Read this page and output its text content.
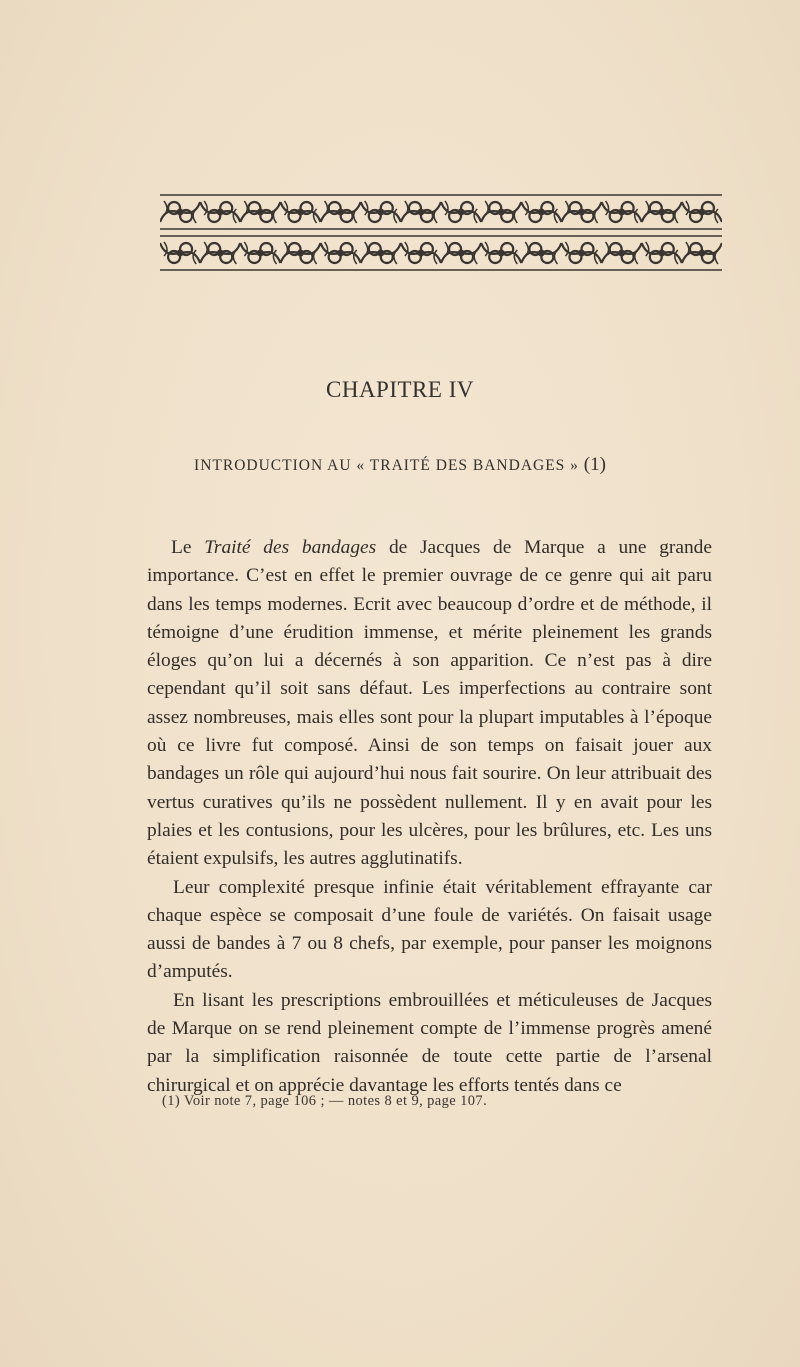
CHAPITRE IV
INTRODUCTION AU « TRAITÉ DES BANDAGES » (1)

Le Traité des bandages de Jacques de Marque a une grande importance. C’est en effet le premier ouvrage de ce genre qui ait paru dans les temps modernes. Ecrit avec beaucoup d’ordre et de méthode, il témoigne d’une érudition immense, et mérite pleinement les grands éloges qu’on lui a décernés à son apparition. Ce n’est pas à dire cependant qu’il soit sans défaut. Les imperfections au contraire sont assez nombreuses, mais elles sont pour la plupart imputables à l’époque où ce livre fut composé. Ainsi de son temps on faisait jouer aux bandages un rôle qui aujourd’hui nous fait sourire. On leur attribuait des vertus curatives qu’ils ne possèdent nullement. Il y en avait pour les plaies et les contusions, pour les ulcères, pour les brûlures, etc. Les uns étaient expulsifs, les autres agglutinatifs.

Leur complexité presque infinie était véritablement effrayante car chaque espèce se composait d’une foule de variétés. On faisait usage aussi de bandes à 7 ou 8 chefs, par exemple, pour panser les moignons d’amputés.

En lisant les prescriptions embrouillées et méticuleuses de Jacques de Marque on se rend pleinement compte de l’immense progrès amené par la simplification raisonnée de toute cette partie de l’arsenal chirurgical et on apprécie davantage les efforts tentés dans ce

(1) Voir note 7, page 106 ; — notes 8 et 9, page 107.
